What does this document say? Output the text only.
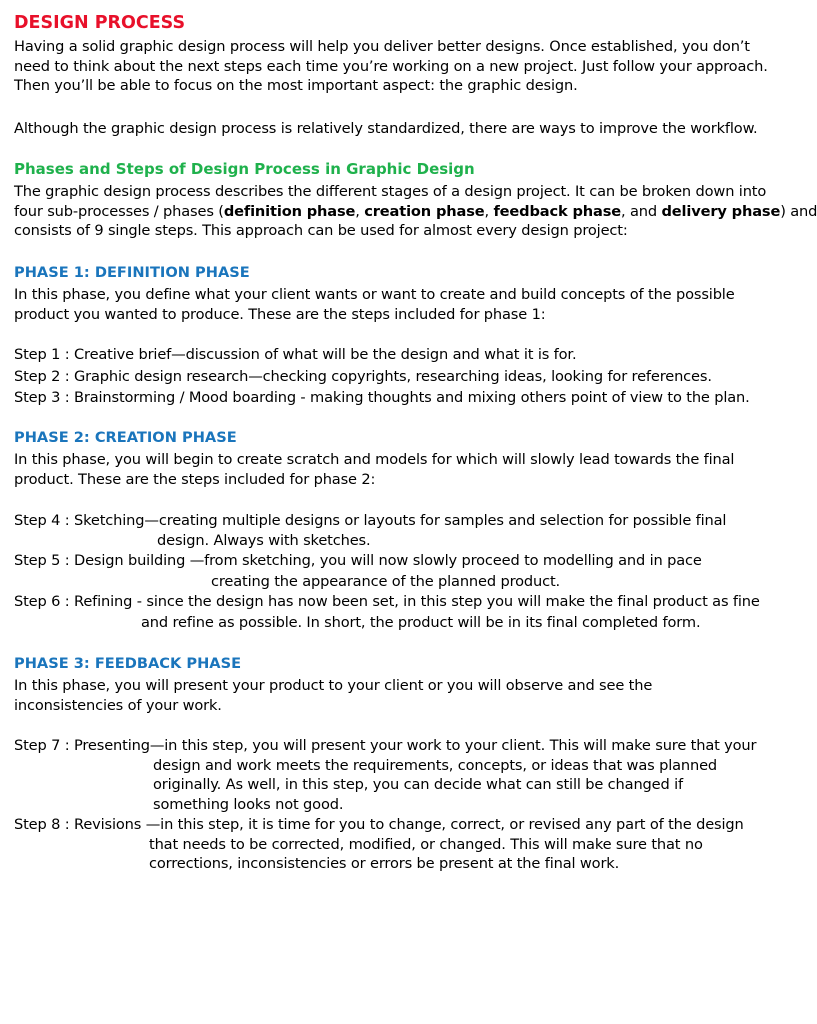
DESIGN PROCESS
Having a solid graphic design process will help you deliver better designs. Once established, you don’t
need to think about the next steps each time you’re working on a new project. Just follow your approach.
Then you’ll be able to focus on the most important aspect: the graphic design.
Although the graphic design process is relatively standardized, there are ways to improve the workflow.
Phases and Steps of Design Process in Graphic Design
The graphic design process describes the different stages of a design project. It can be broken down into
four sub-processes / phases (definition phase, creation phase, feedback phase, and delivery phase) and
consists of 9 single steps. This approach can be used for almost every design project:
PHASE 1: DEFINITION PHASE
In this phase, you define what your client wants or want to create and build concepts of the possible
product you wanted to produce. These are the steps included for phase 1:
Step 1 : Creative brief—discussion of what will be the design and what it is for.
Step 2 : Graphic design research—checking copyrights, researching ideas, looking for references.
Step 3 : Brainstorming / Mood boarding - making thoughts and mixing others point of view to the plan.
PHASE 2: CREATION PHASE
In this phase, you will begin to create scratch and models for which will slowly lead towards the final
product. These are the steps included for phase 2:
Step 4 : Sketching—creating multiple designs or layouts for samples and selection for possible final
design. Always with sketches.
Step 5 : Design building —from sketching, you will now slowly proceed to modelling and in pace
creating the appearance of the planned product.
Step 6 : Refining - since the design has now been set, in this step you will make the final product as fine
and refine as possible. In short, the product will be in its final completed form.
PHASE 3: FEEDBACK PHASE
In this phase, you will present your product to your client or you will observe and see the
inconsistencies of your work.
Step 7 : Presenting—in this step, you will present your work to your client. This will make sure that your
design and work meets the requirements, concepts, or ideas that was planned
originally. As well, in this step, you can decide what can still be changed if
something looks not good.
Step 8 : Revisions —in this step, it is time for you to change, correct, or revised any part of the design
that needs to be corrected, modified, or changed. This will make sure that no
corrections, inconsistencies or errors be present at the final work.
